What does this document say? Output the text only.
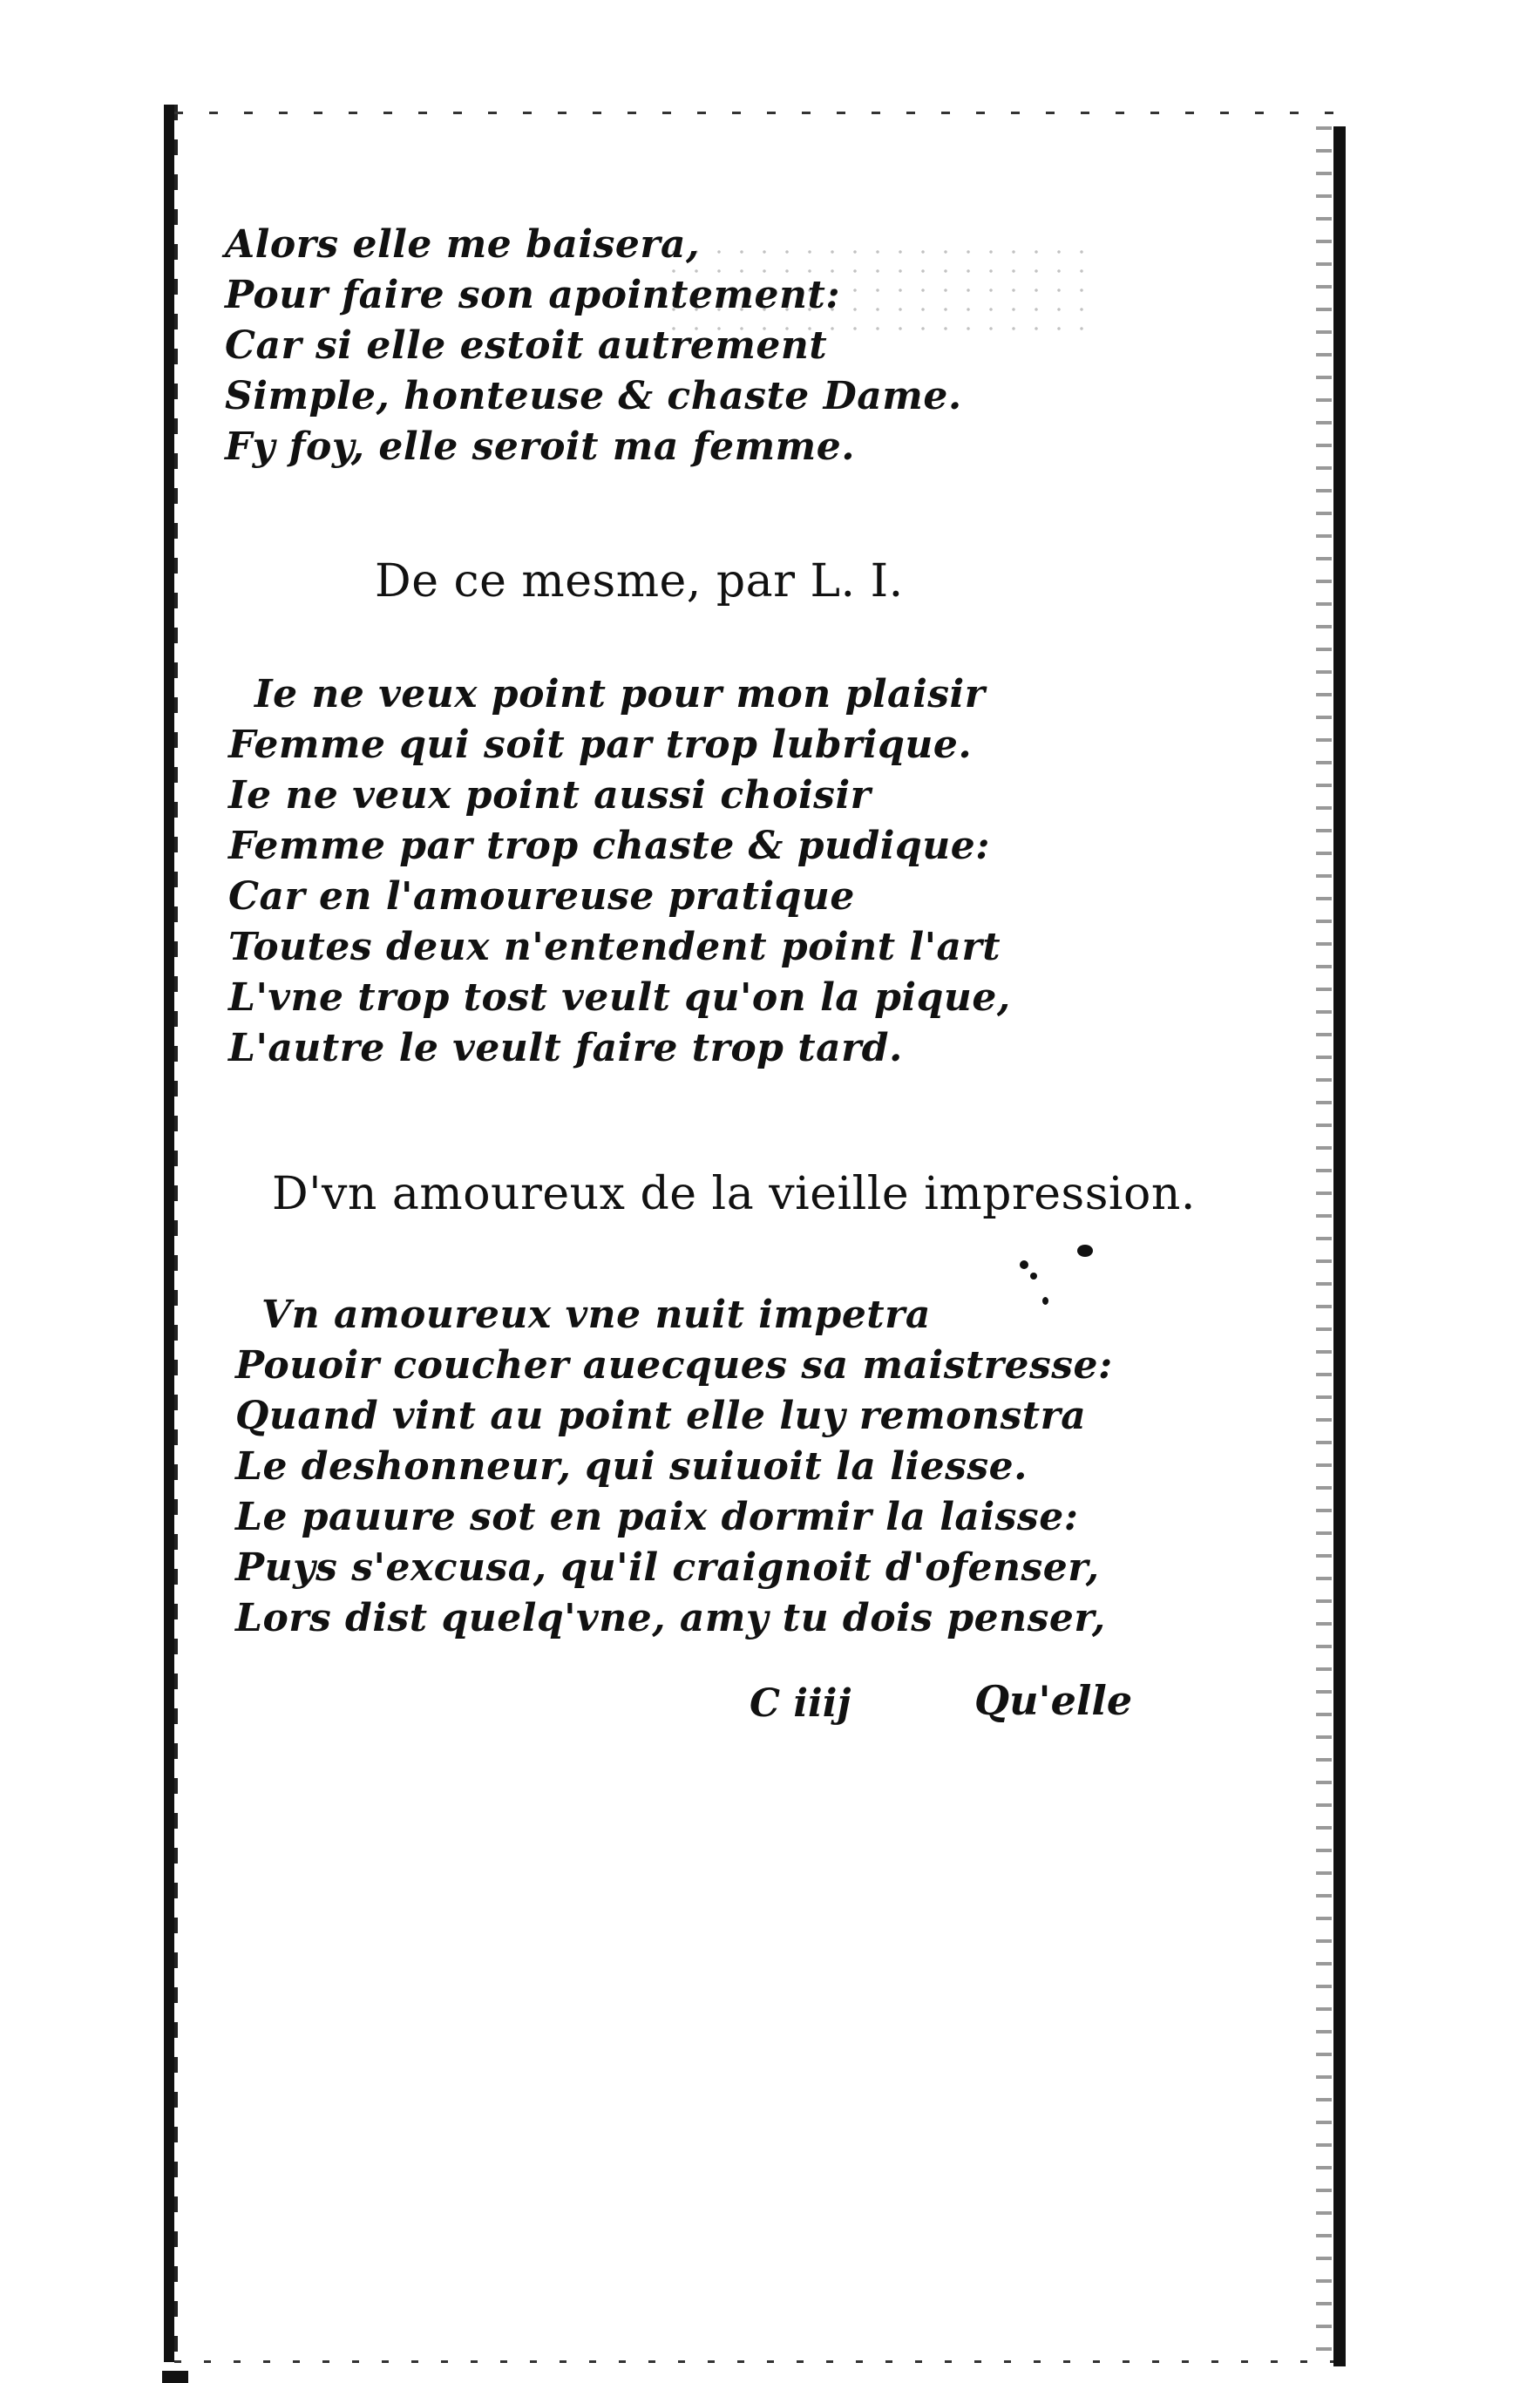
Alors elle me baisera,
Pour faire son apointement:
Car si elle estoit autrement
Simple, honteuse & chaste Dame.
Fy foy, elle seroit ma femme.
De ce mesme, par L. I.
Ie ne veux point pour mon plaisir
Femme qui soit par trop lubrique.
Ie ne veux point aussi choisir
Femme par trop chaste & pudique:
Car en l'amoureuse pratique
Toutes deux n'entendent point l'art
L'vne trop tost veult qu'on la pique,
L'autre le veult faire trop tard.
D'vn amoureux de la vieille impression.
Vn amoureux vne nuit impetra
Pouoir coucher auecques sa maistresse:
Quand vint au point elle luy remonstra
Le deshonneur, qui suiuoit la liesse.
Le pauure sot en paix dormir la laisse:
Puys s'excusa, qu'il craignoit d'ofenser,
Lors dist quelq'vne, amy tu dois penser,
C iiij	Qu'elle
